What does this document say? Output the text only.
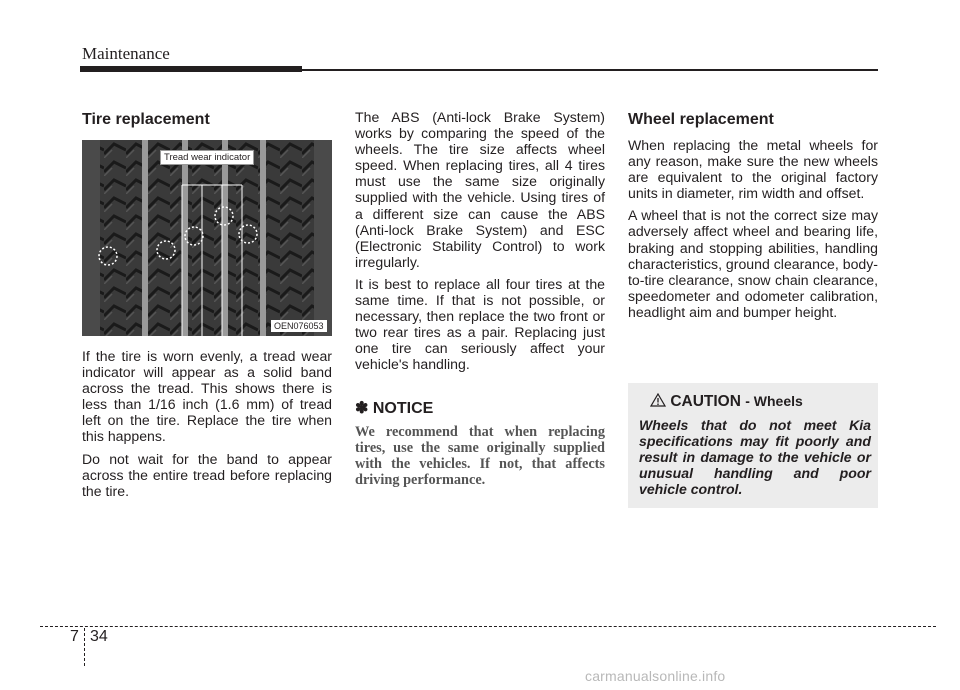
Maintenance
Tire replacement
Tread wear indicator
OEN076053

If the tire is worn evenly, a tread wear indicator will appear as a solid band across the tread. This shows there is less than 1/16 inch (1.6 mm) of tread left on the tire. Replace the tire when this happens.

Do not wait for the band to appear across the entire tread before replacing the tire.

The ABS (Anti-lock Brake System) works by comparing the speed of the wheels. The tire size affects wheel speed. When replacing tires, all 4 tires must use the same size originally supplied with the vehicle. Using tires of a different size can cause the ABS (Anti-lock Brake System) and ESC (Electronic Stability Control) to work irregularly.

It is best to replace all four tires at the same time. If that is not possible, or necessary, then replace the two front or two rear tires as a pair. Replacing just one tire can seriously affect your vehicle's handling.

✽ NOTICE

We recommend that when replacing tires, use the same originally supplied with the vehicles. If not, that affects driving performance.

Wheel replacement

When replacing the metal wheels for any reason, make sure the new wheels are equivalent to the original factory units in diameter, rim width and offset.

A wheel that is not the correct size may adversely affect wheel and bearing life, braking and stopping abilities, handling characteristics, ground clearance, body-to-tire clearance, snow chain clearance, speedometer and odometer calibration, headlight aim and bumper height.

CAUTION - Wheels

Wheels that do not meet Kia specifications may fit poorly and result in damage to the vehicle or unusual handling and poor vehicle control.

7 34
carmanualsonline.info
